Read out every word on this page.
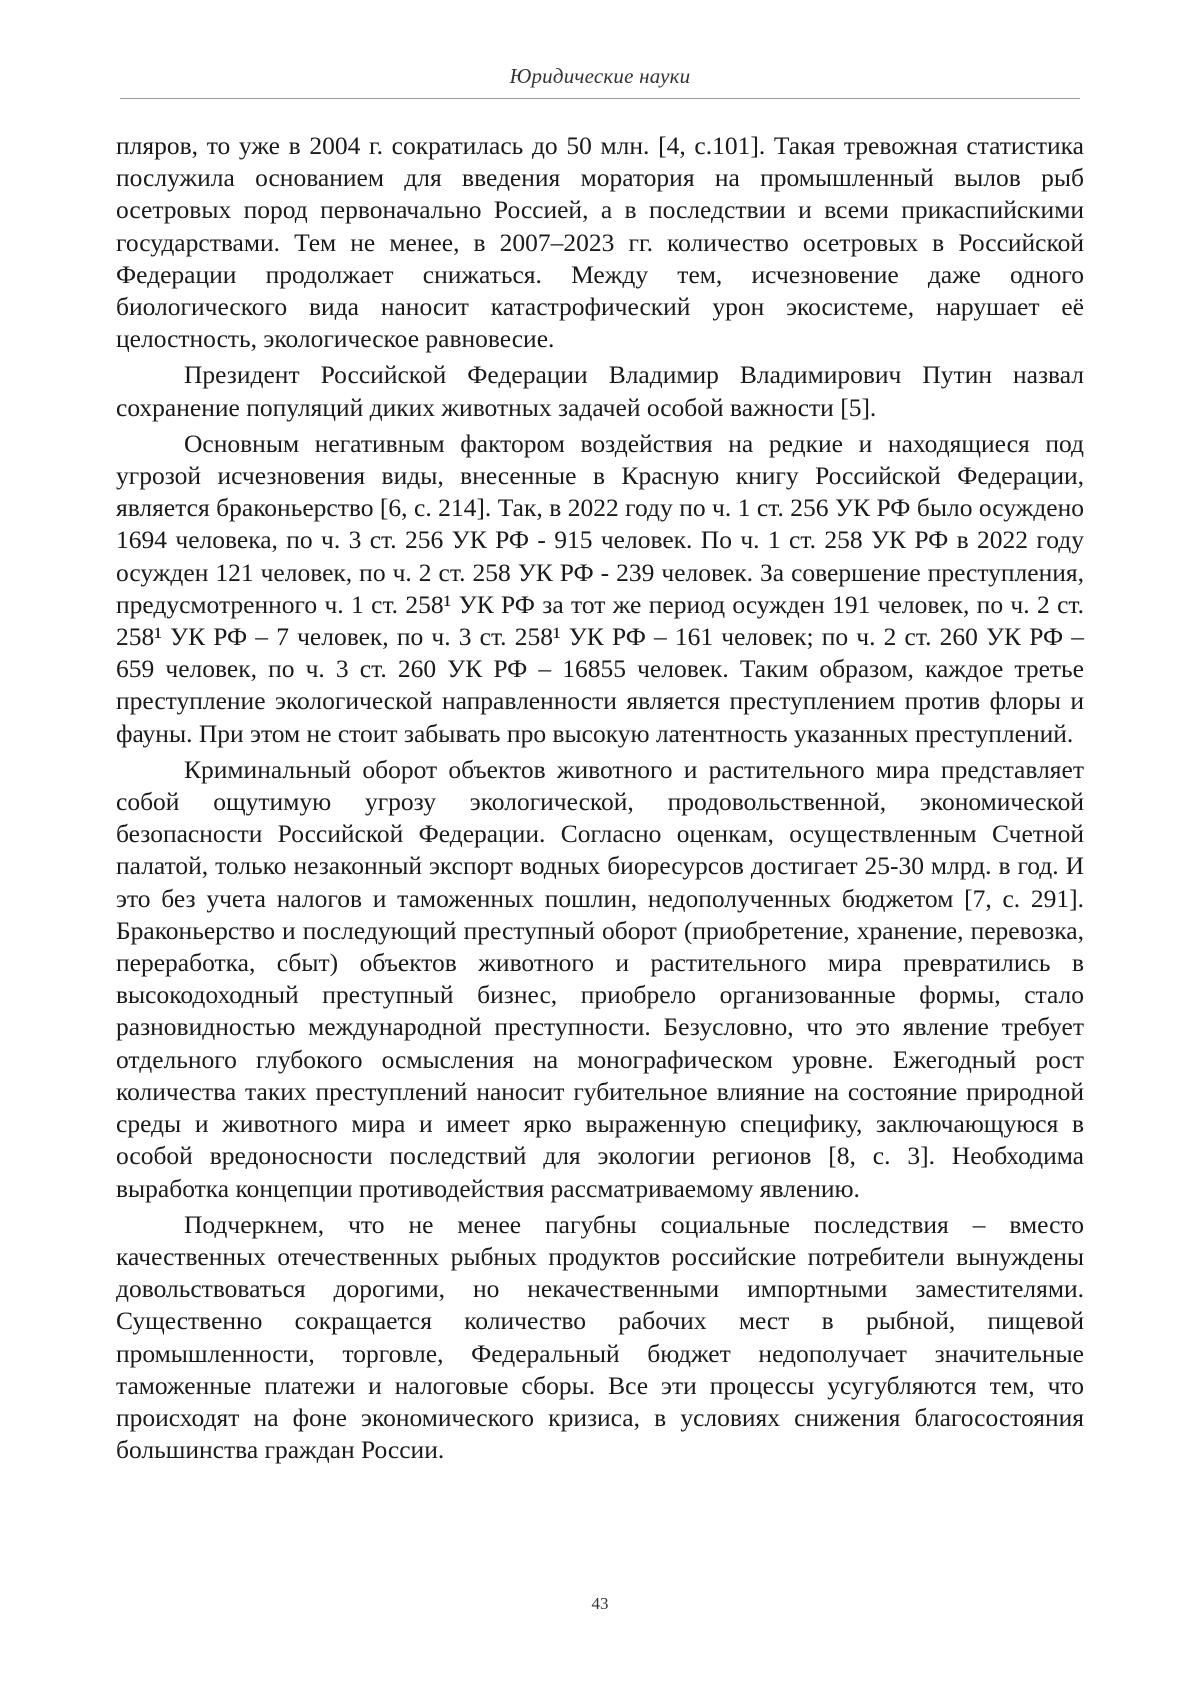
Юридические науки

пляров, то уже в 2004 г. сократилась до 50 млн. [4, с.101]. Такая тревожная статистика послужила основанием для введения моратория на промышленный вылов рыб осетровых пород первоначально Россией, а в последствии и всеми прикаспийскими государствами. Тем не менее, в 2007–2023 гг. количество осетровых в Российской Федерации продолжает снижаться. Между тем, исчезновение даже одного биологического вида наносит катастрофический урон экосистеме, нарушает её целостность, экологическое равновесие.

Президент Российской Федерации Владимир Владимирович Путин назвал сохранение популяций диких животных задачей особой важности [5].

Основным негативным фактором воздействия на редкие и находящиеся под угрозой исчезновения виды, внесенные в Красную книгу Российской Федерации, является браконьерство [6, с. 214]. Так, в 2022 году по ч. 1 ст. 256 УК РФ было осуждено 1694 человека, по ч. 3 ст. 256 УК РФ - 915 человек. По ч. 1 ст. 258 УК РФ в 2022 году осужден 121 человек, по ч. 2 ст. 258 УК РФ - 239 человек. За совершение преступления, предусмотренного ч. 1 ст. 258¹ УК РФ за тот же период осужден 191 человек, по ч. 2 ст. 258¹ УК РФ – 7 человек, по ч. 3 ст. 258¹ УК РФ – 161 человек; по ч. 2 ст. 260 УК РФ – 659 человек, по ч. 3 ст. 260 УК РФ – 16855 человек. Таким образом, каждое третье преступление экологической направленности является преступлением против флоры и фауны. При этом не стоит забывать про высокую латентность указанных преступлений.

Криминальный оборот объектов животного и растительного мира представляет собой ощутимую угрозу экологической, продовольственной, экономической безопасности Российской Федерации. Согласно оценкам, осуществленным Счетной палатой, только незаконный экспорт водных биоресурсов достигает 25-30 млрд. в год. И это без учета налогов и таможенных пошлин, недополученных бюджетом [7, с. 291]. Браконьерство и последующий преступный оборот (приобретение, хранение, перевозка, переработка, сбыт) объектов животного и растительного мира превратились в высокодоходный преступный бизнес, приобрело организованные формы, стало разновидностью международной преступности. Безусловно, что это явление требует отдельного глубокого осмысления на монографическом уровне. Ежегодный рост количества таких преступлений наносит губительное влияние на состояние природной среды и животного мира и имеет ярко выраженную специфику, заключающуюся в особой вредоносности последствий для экологии регионов [8, с. 3]. Необходима выработка концепции противодействия рассматриваемому явлению.

Подчеркнем, что не менее пагубны социальные последствия – вместо качественных отечественных рыбных продуктов российские потребители вынуждены довольствоваться дорогими, но некачественными импортными заместителями. Существенно сокращается количество рабочих мест в рыбной, пищевой промышленности, торговле, Федеральный бюджет недополучает значительные таможенные платежи и налоговые сборы. Все эти процессы усугубляются тем, что происходят на фоне экономического кризиса, в условиях снижения благосостояния большинства граждан России.

43
